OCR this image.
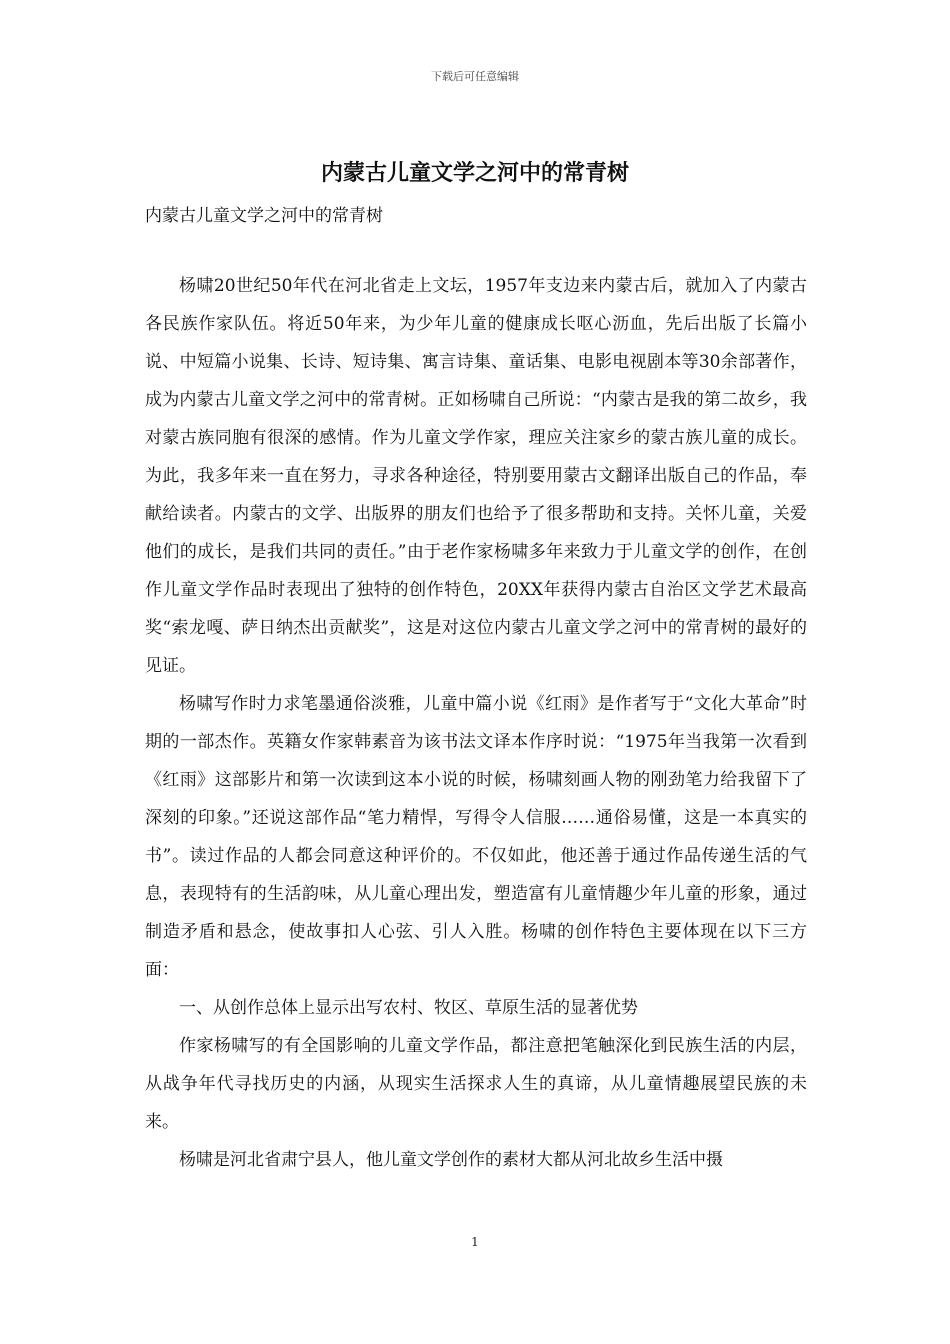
下载后可任意编辑
内蒙古儿童文学之河中的常青树

内蒙古儿童文学之河中的常青树

杨啸20世纪50年代在河北省走上文坛，1957年支边来内蒙古后，就加入了内蒙古各民族作家队伍。将近50年来，为少年儿童的健康成长呕心沥血，先后出版了长篇小说、中短篇小说集、长诗、短诗集、寓言诗集、童话集、电影电视剧本等30余部著作，成为内蒙古儿童文学之河中的常青树。正如杨啸自己所说：“内蒙古是我的第二故乡，我对蒙古族同胞有很深的感情。作为儿童文学作家，理应关注家乡的蒙古族儿童的成长。为此，我多年来一直在努力，寻求各种途径，特别要用蒙古文翻译出版自己的作品，奉献给读者。内蒙古的文学、出版界的朋友们也给予了很多帮助和支持。关怀儿童，关爱他们的成长，是我们共同的责任。”由于老作家杨啸多年来致力于儿童文学的创作，在创作儿童文学作品时表现出了独特的创作特色，20XX年获得内蒙古自治区文学艺术最高奖“索龙嘎、萨日纳杰出贡献奖”，这是对这位内蒙古儿童文学之河中的常青树的最好的见证。

杨啸写作时力求笔墨通俗淡雅，儿童中篇小说《红雨》是作者写于“文化大革命”时期的一部杰作。英籍女作家韩素音为该书法文译本作序时说：“1975年当我第一次看到《红雨》这部影片和第一次读到这本小说的时候，杨啸刻画人物的刚劲笔力给我留下了深刻的印象。”还说这部作品“笔力精悍，写得令人信服……通俗易懂，这是一本真实的书”。读过作品的人都会同意这种评价的。不仅如此，他还善于通过作品传递生活的气息，表现特有的生活韵味，从儿童心理出发，塑造富有儿童情趣少年儿童的形象，通过制造矛盾和悬念，使故事扣人心弦、引人入胜。杨啸的创作特色主要体现在以下三方面：

一、从创作总体上显示出写农村、牧区、草原生活的显著优势

作家杨啸写的有全国影响的儿童文学作品，都注意把笔触深化到民族生活的内层，从战争年代寻找历史的内涵，从现实生活探求人生的真谛，从儿童情趣展望民族的未来。

杨啸是河北省肃宁县人，他儿童文学创作的素材大都从河北故乡生活中摄

1
